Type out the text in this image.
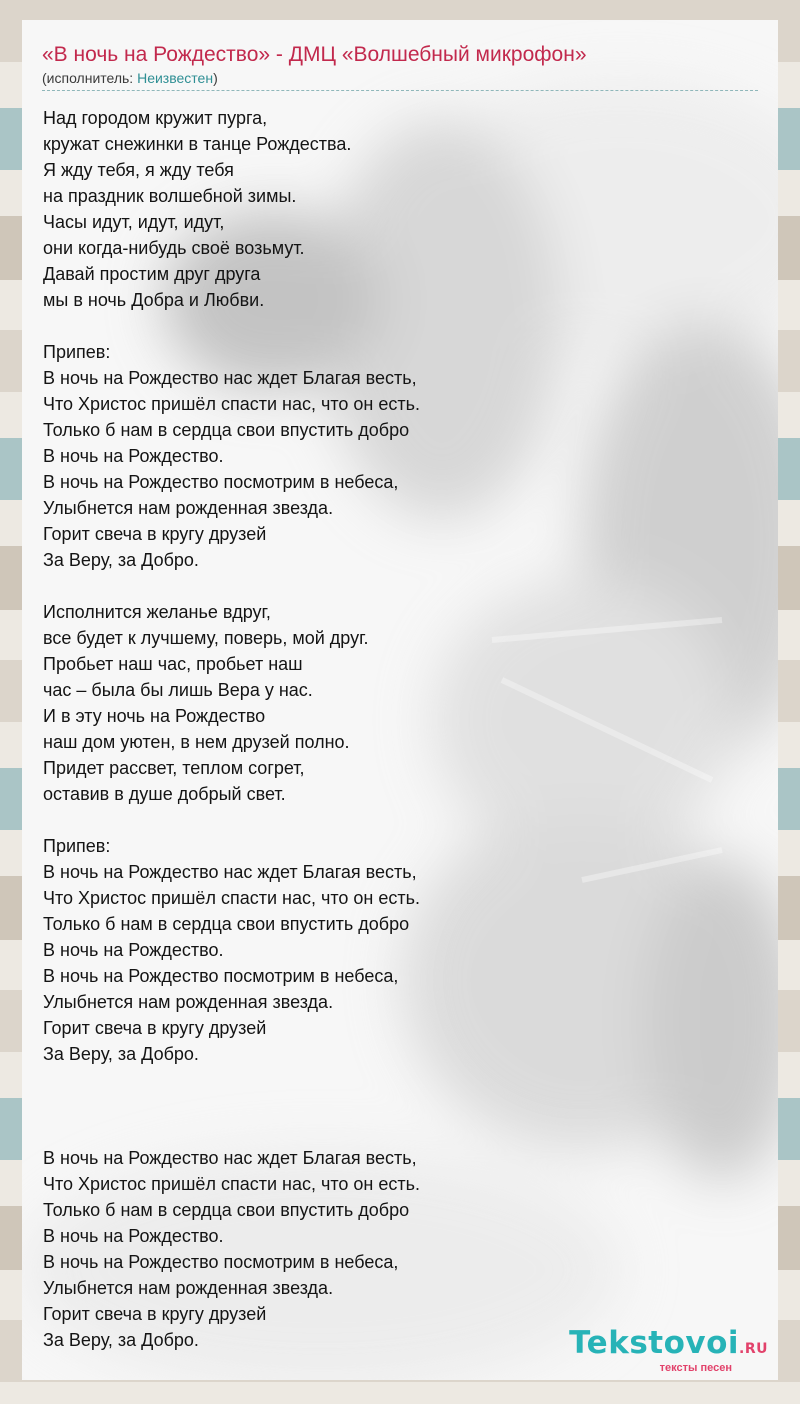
«В ночь на Рождество» - ДМЦ «Волшебный микрофон»
(исполнитель: Неизвестен)
Над городом кружит пурга,
кружат снежинки в танце Рождества.
Я жду тебя, я жду тебя
на праздник волшебной зимы.
Часы идут, идут, идут,
они когда-нибудь своё возьмут.
Давай простим друг друга
мы в ночь Добра и Любви.
Припев:
В ночь на Рождество нас ждет Благая весть,
Что Христос пришёл спасти нас, что он есть.
Только б нам в сердца свои впустить добро
В ночь на Рождество.
В ночь на Рождество посмотрим в небеса,
Улыбнется нам рожденная звезда.
Горит свеча в кругу друзей
За Веру, за Добро.
Исполнится желанье вдруг,
все будет к лучшему, поверь, мой друг.
Пробьет наш час, пробьет наш
час – была бы лишь Вера у нас.
И в эту ночь на Рождество
наш дом уютен, в нем друзей полно.
Придет рассвет, теплом согрет,
оставив в душе добрый свет.
Припев:
В ночь на Рождество нас ждет Благая весть,
Что Христос пришёл спасти нас, что он есть.
Только б нам в сердца свои впустить добро
В ночь на Рождество.
В ночь на Рождество посмотрим в небеса,
Улыбнется нам рожденная звезда.
Горит свеча в кругу друзей
За Веру, за Добро.
В ночь на Рождество нас ждет Благая весть,
Что Христос пришёл спасти нас, что он есть.
Только б нам в сердца свои впустить добро
В ночь на Рождество.
В ночь на Рождество посмотрим в небеса,
Улыбнется нам рожденная звезда.
Горит свеча в кругу друзей
За Веру, за Добро.	Tekstovoi.RU
тексты песен
